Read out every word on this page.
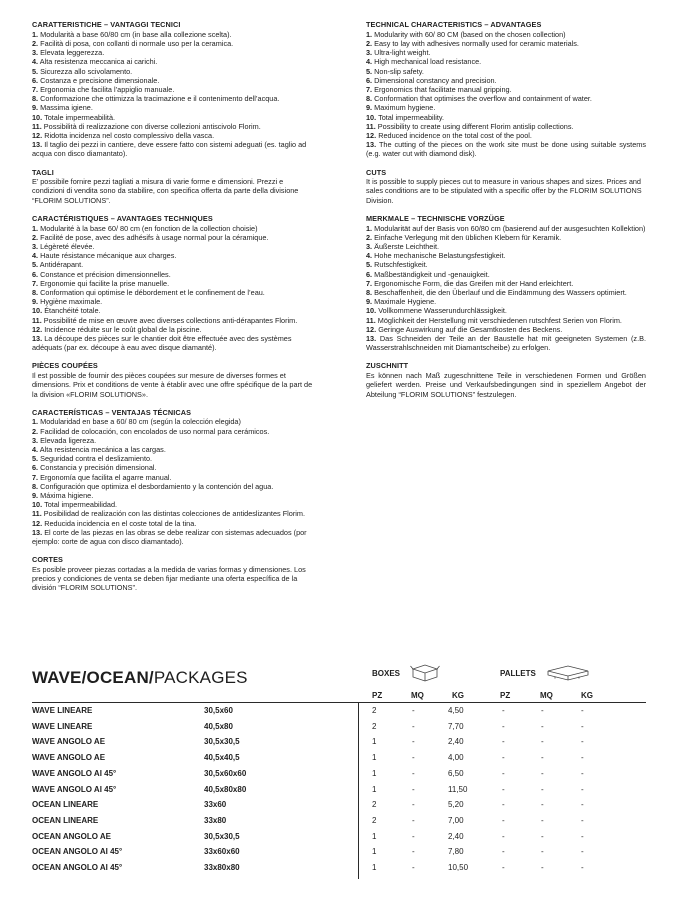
CARATTERISTICHE – VANTAGGI TECNICI
1. Modularità a base 60/80 cm (in base alla collezione scelta).
2. Facilità di posa, con collanti di normale uso per la ceramica.
3. Elevata leggerezza.
4. Alta resistenza meccanica ai carichi.
5. Sicurezza allo scivolamento.
6. Costanza e precisione dimensionale.
7. Ergonomia che facilita l’appiglio manuale.
8. Conformazione che ottimizza la tracimazione e il contenimento dell’acqua.
9. Massima igiene.
10. Totale impermeabilità.
11. Possibilità di realizzazione con diverse collezioni antiscivolo Florim.
12. Ridotta incidenza nel costo complessivo della vasca.
13. Il taglio dei pezzi in cantiere, deve essere fatto con sistemi adeguati (es. taglio ad acqua con disco diamantato).
TAGLI
E’ possibile fornire pezzi tagliati a misura di varie forme e dimensioni. Prezzi e condizioni di vendita sono da stabilire, con specifica offerta da parte della divisione “FLORIM SOLUTIONS”.
CARACTÉRISTIQUES – AVANTAGES TECHNIQUES
1. Modularité à la base 60/ 80 cm (en fonction de la collection choisie)
2. Facilité de pose, avec des adhésifs à usage normal pour la céramique.
3. Légèreté élevée.
4. Haute résistance mécanique aux charges.
5. Antidérapant.
6. Constance et précision dimensionnelles.
7. Ergonomie qui facilite la prise manuelle.
8. Conformation qui optimise le débordement et le confinement de l’eau.
9. Hygiène maximale.
10. Étanchéité totale.
11. Possibilité de mise en œuvre avec diverses collections anti-dérapantes Florim.
12. Incidence réduite sur le coût global de la piscine.
13. La découpe des pièces sur le chantier doit être effectuée avec des systèmes adéquats (par ex. découpe à eau avec disque diamanté).
PIÈCES COUPÉES
Il est possible de fournir des pièces coupées sur mesure de diverses formes et dimensions. Prix et conditions de vente à établir avec une offre spécifique de la part de la division «FLORIM SOLUTIONS».
CARACTERÍSTICAS – VENTAJAS TÉCNICAS
1. Modularidad en base a 60/ 80 cm (según la colección elegida)
2. Facilidad de colocación, con encolados de uso normal para cerámicos.
3. Elevada ligereza.
4. Alta resistencia mecánica a las cargas.
5. Seguridad contra el deslizamiento.
6. Constancia y precisión dimensional.
7. Ergonomía que facilita el agarre manual.
8. Configuración que optimiza el desbordamiento y la contención del agua.
9. Máxima higiene.
10. Total impermeabilidad.
11. Posibilidad de realización con las distintas colecciones de antideslizantes Florim.
12. Reducida incidencia en el coste total de la tina.
13. El corte de las piezas en las obras se debe realizar con sistemas adecuados (por ejemplo: corte de agua con disco diamantado).
CORTES
Es posible proveer piezas cortadas a la medida de varias formas y dimensiones. Los precios y condiciones de venta se deben fijar mediante una oferta específica de la división “FLORIM SOLUTIONS”.
TECHNICAL CHARACTERISTICS – ADVANTAGES
1. Modularity with 60/ 80 CM (based on the chosen collection)
2. Easy to lay with adhesives normally used for ceramic materials.
3. Ultra-light weight.
4. High mechanical load resistance.
5. Non-slip safety.
6. Dimensional constancy and precision.
7. Ergonomics that facilitate manual gripping.
8. Conformation that optimises the overflow and containment of water.
9. Maximum hygiene.
10. Total impermeability.
11. Possibility to create using different Florim antislip collections.
12. Reduced incidence on the total cost of the pool.
13. The cutting of the pieces on the work site must be done using suitable systems (e.g. water cut with diamond disk).
CUTS
It is possible to supply pieces cut to measure in various shapes and sizes. Prices and sales conditions are to be stipulated with a specific offer by the FLORIM SOLUTIONS Division.
MERKMALE – TECHNISCHE VORZÜGE
1. Modularität auf der Basis von 60/80 cm (basierend auf der ausgesuchten Kollektion)
2. Einfache Verlegung mit den üblichen Klebern für Keramik.
3. Äußerste Leichtheit.
4. Hohe mechanische Belastungsfestigkeit.
5. Rutschfestigkeit.
6. Maßbeständigkeit und -genauigkeit.
7. Ergonomische Form, die das Greifen mit der Hand erleichtert.
8. Beschaffenheit, die den Überlauf und die Eindämmung des Wassers optimiert.
9. Maximale Hygiene.
10. Vollkommene Wasserundurchlässigkeit.
11. Möglichkeit der Herstellung mit verschiedenen rutschfest Serien von Florim.
12. Geringe Auswirkung auf die Gesamtkosten des Beckens.
13. Das Schneiden der Teile an der Baustelle hat mit geeigneten Systemen (z.B. Wasserstrahlschneiden mit Diamantscheibe) zu erfolgen.
ZUSCHNITT
Es können nach Maß zugeschnittene Teile in verschiedenen Formen und Größen geliefert werden. Preise und Verkaufsbedingungen sind in speziellem Angebot der Abteilung “FLORIM SOLUTIONS” festzulegen.
WAVE/OCEAN/PACKAGES	BOXES	PALLETS
PZ	MQ	KG	PZ	MQ	KG
WAVE LINEARE	30,5x60	2	-	4,50	-	-	-
WAVE LINEARE	40,5x80	2	-	7,70	-	-	-
WAVE ANGOLO AE	30,5x30,5	1	-	2,40	-	-	-
WAVE ANGOLO AE	40,5x40,5	1	-	4,00	-	-	-
WAVE ANGOLO AI 45°	30,5x60x60	1	-	6,50	-	-	-
WAVE ANGOLO AI 45°	40,5x80x80	1	-	11,50	-	-	-
OCEAN LINEARE	33x60	2	-	5,20	-	-	-
OCEAN LINEARE	33x80	2	-	7,00	-	-	-
OCEAN ANGOLO AE	30,5x30,5	1	-	2,40	-	-	-
OCEAN ANGOLO AI 45°	33x60x60	1	-	7,80	-	-	-
OCEAN ANGOLO AI 45°	33x80x80	1	-	10,50	-	-	-
